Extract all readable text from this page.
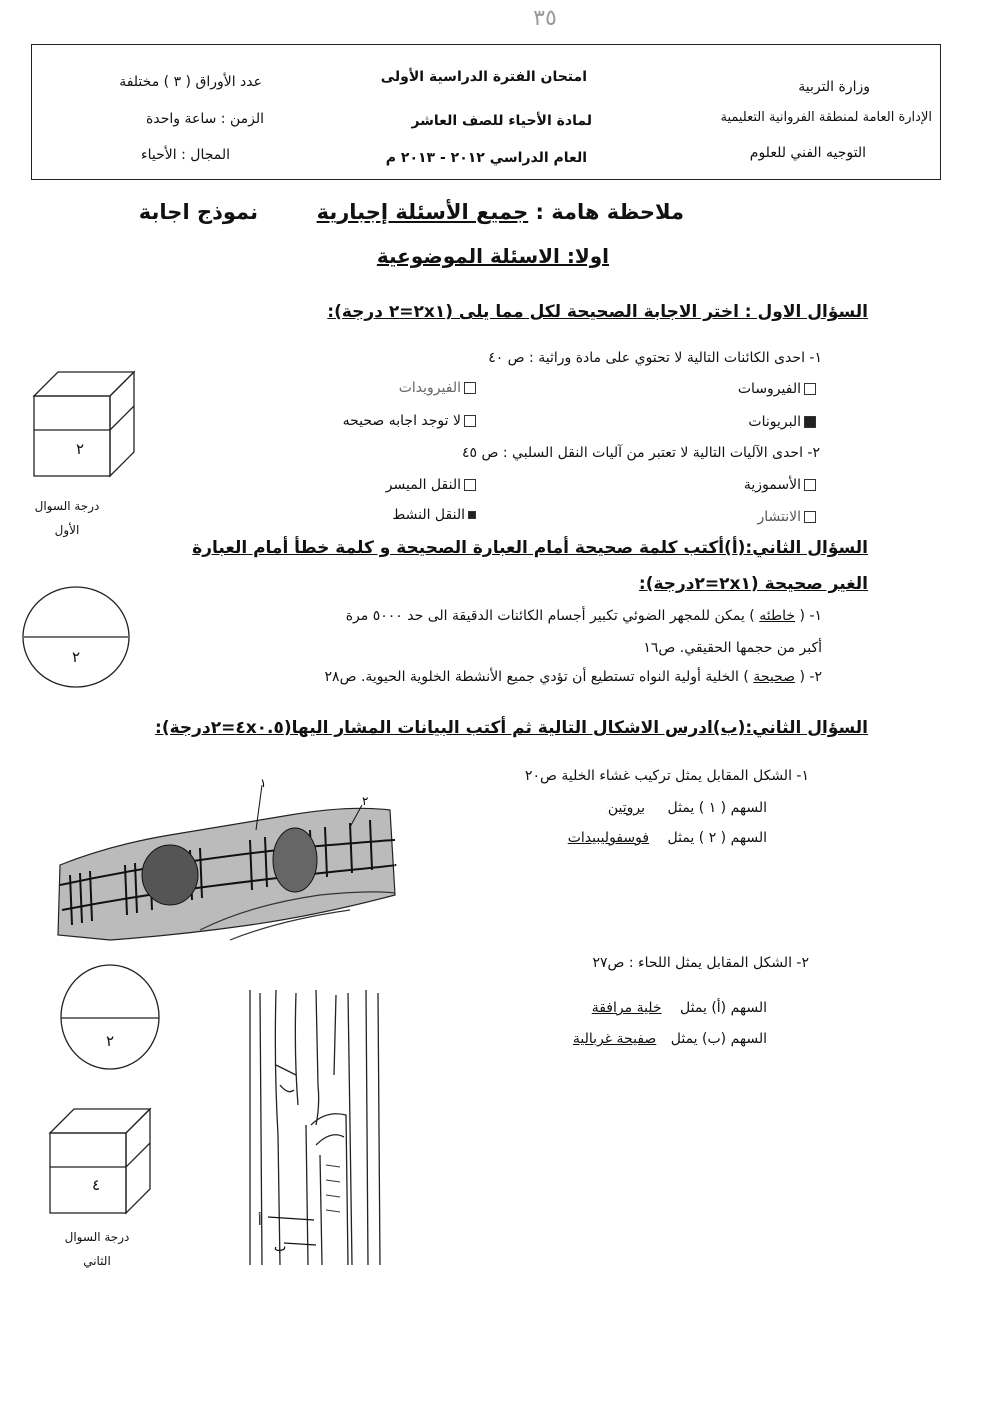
٣٥
وزارة التربية
الإدارة العامة لمنطقة الفروانية التعليمية
التوجيه الفني للعلوم
امتحان الفترة الدراسية الأولى
لمادة الأحياء للصف العاشر
العام الدراسي ٢٠١٢ - ٢٠١٣ م
عدد الأوراق ( ٣ ) مختلفة
الزمن : ساعة واحدة
المجال : الأحياء
ملاحظة هامة : جميع الأسئلة إجبارية
نموذج اجابة
اولا: الاسئلة الموضوعية
السؤال الاول : اختر الاجابة الصحيحة لكل مما يلى (٢x١=٢ درجة):
١- احدى الكائنات التالية لا تحتوي على مادة وراثية : ص ٤٠
الفيروسات
الفيرويدات
البريونات
لا توجد اجابه صحيحه
٢- احدى الآليات التالية لا تعتبر من آليات النقل السلبي : ص ٤٥
الأسموزية
النقل الميسر
الانتشار
النقل النشط
٢
درجة السوال
الأول
السؤال الثاني:(أ)أكتب كلمة صحيحة أمام العبارة الصحيحة و كلمة خطأ أمام العبارة
الغير صحيحة (٢x١=٢درجة):
١- ( خاطئه ) يمكن للمجهر الضوئي تكبير أجسام الكائنات الدقيقة الى حد ٥٠٠٠ مرة
أكبر من حجمها الحقيقي. ص١٦
٢- ( صحيحة ) الخلية أولية النواه تستطيع أن تؤدي جميع الأنشطة الخلوية الحيوية. ص٢٨
٢
السؤال الثاني:(ب)ادرس الاشكال التالية ثم أكتب البيانات المشار اليها(٤x٠.٥=٢درجة):
١- الشكل المقابل يمثل تركيب غشاء الخلية ص٢٠
السهم ( ١ ) يمثل بروتين
السهم ( ٢ ) يمثل فوسفوليبيدات
١
٢
٢- الشكل المقابل يمثل اللحاء : ص٢٧
السهم (أ) يمثل خلية مرافقة
السهم (ب) يمثل صفيحة غربالية
أ
ب
٢
٤
درجة السوال
الثاني
